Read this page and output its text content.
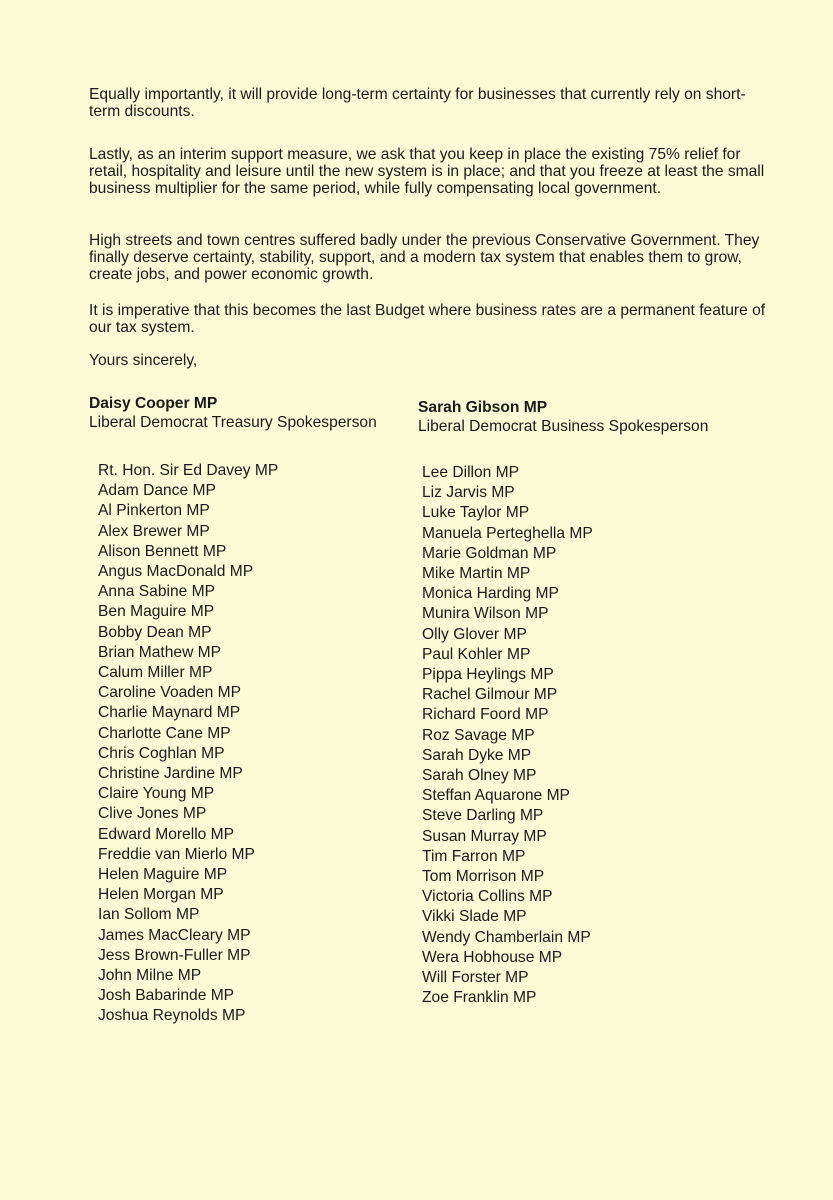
Equally importantly, it will provide long-term certainty for businesses that currently rely on short-term discounts.

Lastly, as an interim support measure, we ask that you keep in place the existing 75% relief for retail, hospitality and leisure until the new system is in place; and that you freeze at least the small business multiplier for the same period, while fully compensating local government.

High streets and town centres suffered badly under the previous Conservative Government. They finally deserve certainty, stability, support, and a modern tax system that enables them to grow, create jobs, and power economic growth.

It is imperative that this becomes the last Budget where business rates are a permanent feature of our tax system.

Yours sincerely,

Daisy Cooper MP
Liberal Democrat Treasury Spokesperson
Sarah Gibson MP
Liberal Democrat Business Spokesperson
Rt. Hon. Sir Ed Davey MP
Adam Dance MP
Al Pinkerton MP
Alex Brewer MP
Alison Bennett MP
Angus MacDonald MP
Anna Sabine MP
Ben Maguire MP
Bobby Dean MP
Brian Mathew MP
Calum Miller MP
Caroline Voaden MP
Charlie Maynard MP
Charlotte Cane MP
Chris Coghlan MP
Christine Jardine MP
Claire Young MP
Clive Jones MP
Edward Morello MP
Freddie van Mierlo MP
Helen Maguire MP
Helen Morgan MP
Ian Sollom MP
James MacCleary MP
Jess Brown-Fuller MP
John Milne MP
Josh Babarinde MP
Joshua Reynolds MP
Lee Dillon MP
Liz Jarvis MP
Luke Taylor MP
Manuela Perteghella MP
Marie Goldman MP
Mike Martin MP
Monica Harding MP
Munira Wilson MP
Olly Glover MP
Paul Kohler MP
Pippa Heylings MP
Rachel Gilmour MP
Richard Foord MP
Roz Savage MP
Sarah Dyke MP
Sarah Olney MP
Steffan Aquarone MP
Steve Darling MP
Susan Murray MP
Tim Farron MP
Tom Morrison MP
Victoria Collins MP
Vikki Slade MP
Wendy Chamberlain MP
Wera Hobhouse MP
Will Forster MP
Zoe Franklin MP
